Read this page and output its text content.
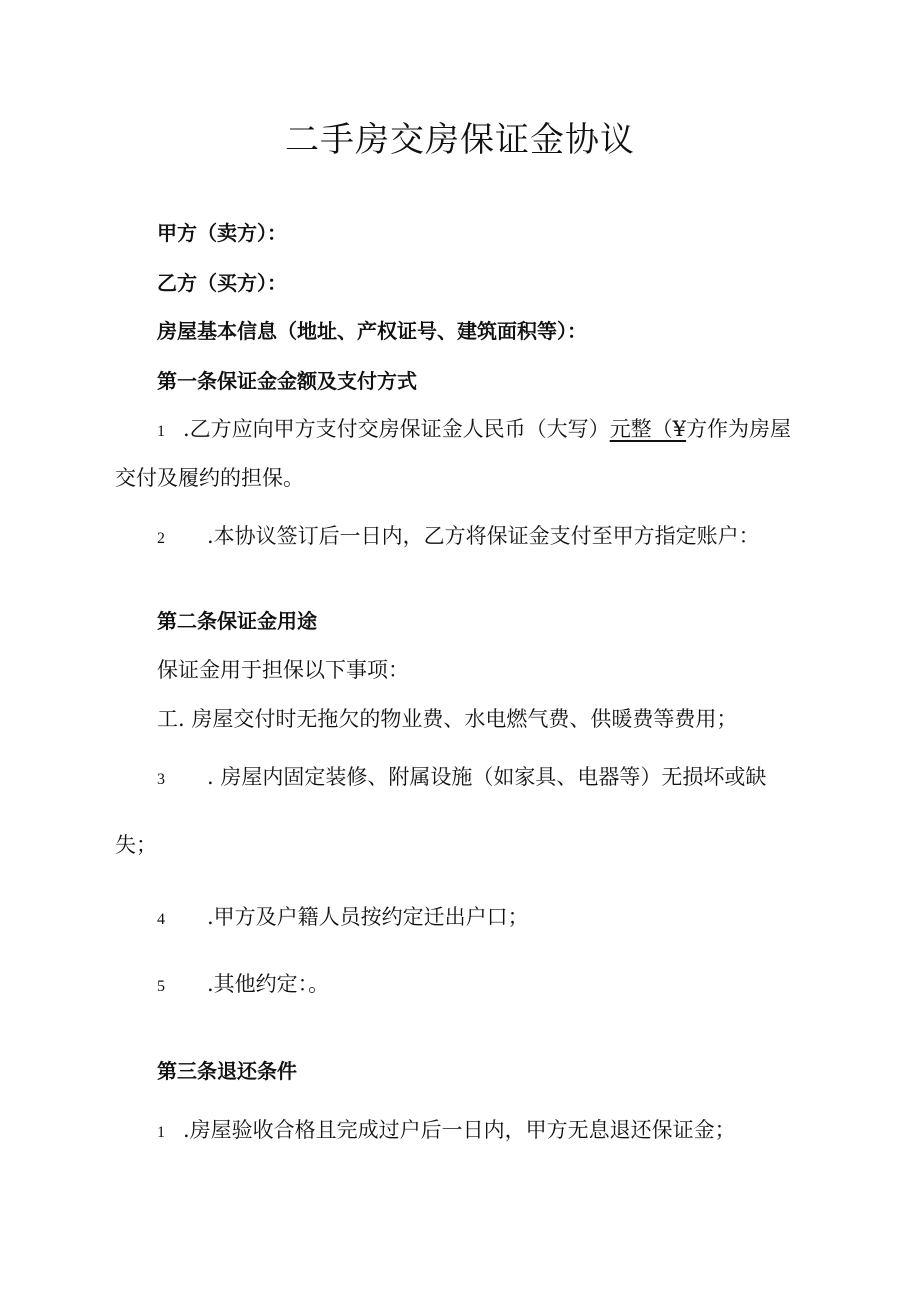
二手房交房保证金协议
甲方（卖方）：
乙方（买方）：
房屋基本信息（地址、产权证号、建筑面积等）：
第一条保证金金额及支付方式
1 .乙方应向甲方支付交房保证金人民币（大写）元整（¥方作为房屋
交付及履约的担保。
2 .本协议签订后一日内，乙方将保证金支付至甲方指定账户：
第二条保证金用途
保证金用于担保以下事项：
工. 房屋交付时无拖欠的物业费、水电燃气费、供暖费等费用；
3 . 房屋内固定装修、附属设施（如家具、电器等）无损坏或缺
失；
4 .甲方及户籍人员按约定迁出户口；
5 .其他约定：。
第三条退还条件
1 .房屋验收合格且完成过户后一日内，甲方无息退还保证金；
